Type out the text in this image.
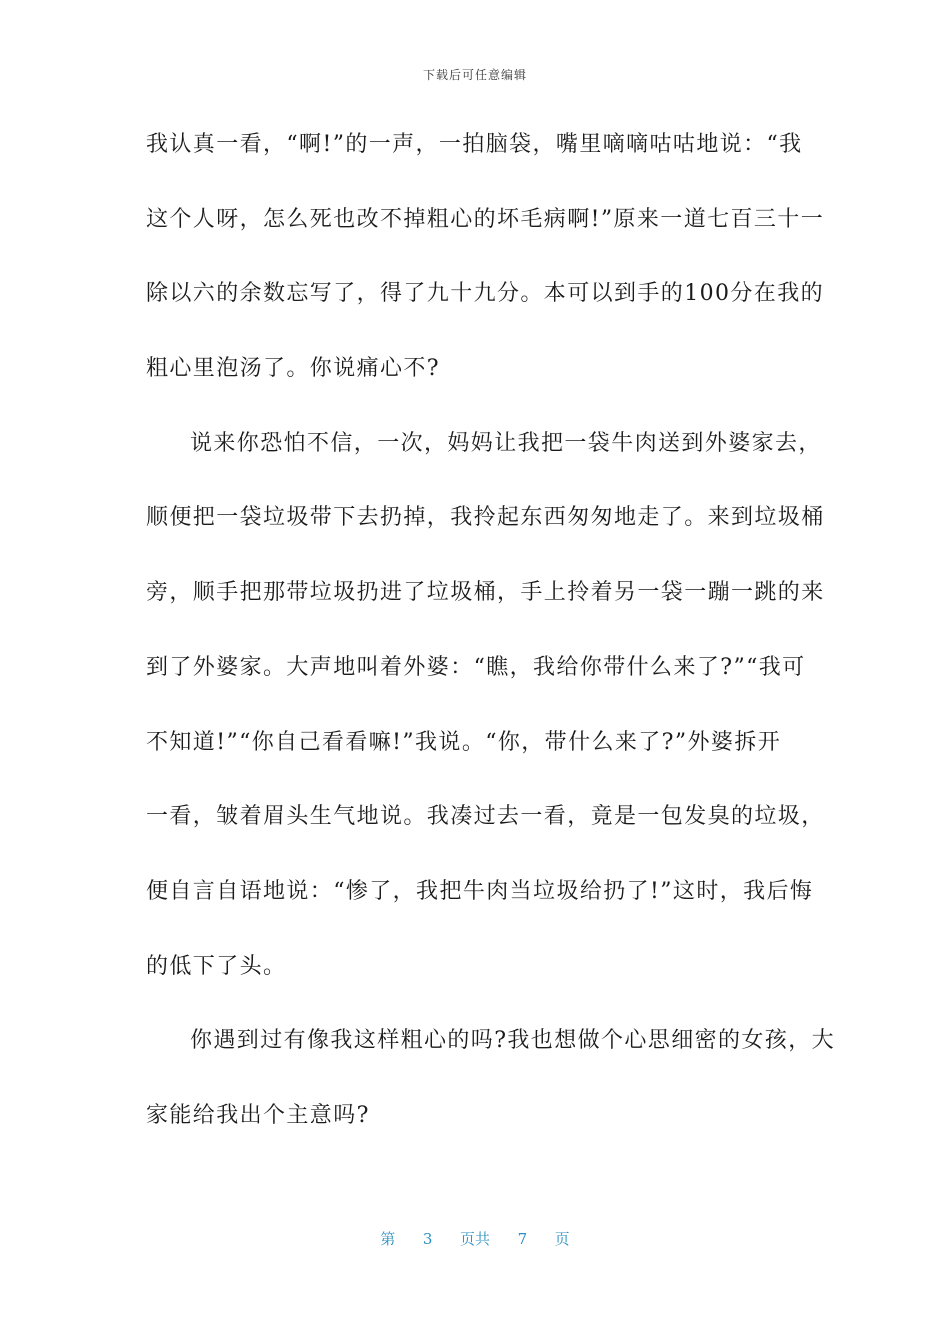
下载后可任意编辑
我认真一看，“啊!”的一声，一拍脑袋，嘴里嘀嘀咕咕地说：“我
这个人呀，怎么死也改不掉粗心的坏毛病啊!”原来一道七百三十一
除以六的余数忘写了，得了九十九分。本可以到手的100分在我的
粗心里泡汤了。你说痛心不?
说来你恐怕不信，一次，妈妈让我把一袋牛肉送到外婆家去，
顺便把一袋垃圾带下去扔掉，我拎起东西匆匆地走了。来到垃圾桶
旁，顺手把那带垃圾扔进了垃圾桶，手上拎着另一袋一蹦一跳的来
到了外婆家。大声地叫着外婆：“瞧，我给你带什么来了?”“我可
不知道!”“你自己看看嘛!”我说。“你，带什么来了?”外婆拆开
一看，皱着眉头生气地说。我凑过去一看，竟是一包发臭的垃圾，
便自言自语地说：“惨了，我把牛肉当垃圾给扔了!”这时，我后悔
的低下了头。
你遇到过有像我这样粗心的吗?我也想做个心思细密的女孩，大
家能给我出个主意吗?
第 3 页共 7 页
